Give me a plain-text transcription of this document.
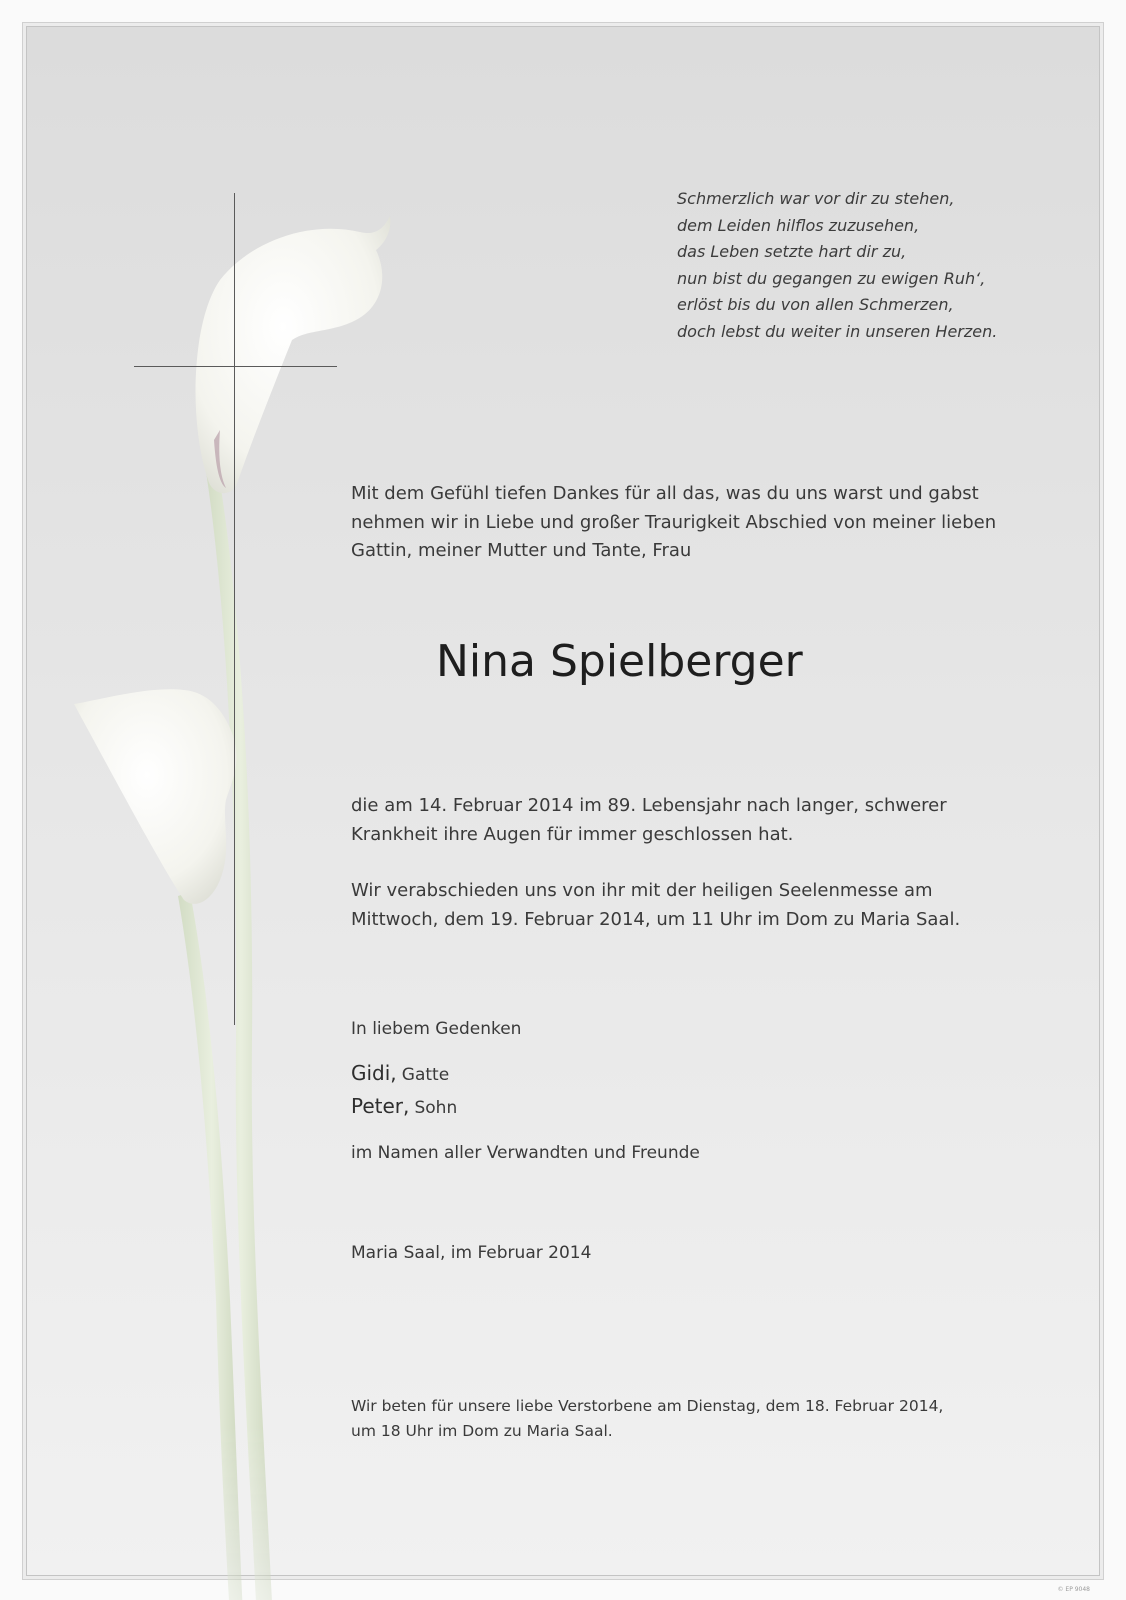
Schmerzlich war vor dir zu stehen,
dem Leiden hilflos zuzusehen,
das Leben setzte hart dir zu,
nun bist du gegangen zu ewigen Ruh‘,
erlöst bis du von allen Schmerzen,
doch lebst du weiter in unseren Herzen.
Mit dem Gefühl tiefen Dankes für all das, was du uns warst und gabst
nehmen wir in Liebe und großer Traurigkeit Abschied von meiner lieben
Gattin, meiner Mutter und Tante, Frau
Nina Spielberger
die am 14. Februar 2014 im 89. Lebensjahr nach langer, schwerer
Krankheit ihre Augen für immer geschlossen hat.
Wir verabschieden uns von ihr mit der heiligen Seelenmesse am
Mittwoch, dem 19. Februar 2014, um 11 Uhr im Dom zu Maria Saal.
In liebem Gedenken
Gidi, Gatte
Peter, Sohn
im Namen aller Verwandten und Freunde
Maria Saal, im Februar 2014
Wir beten für unsere liebe Verstorbene am Dienstag, dem 18. Februar 2014,
um 18 Uhr im Dom zu Maria Saal.
© EP 9048
